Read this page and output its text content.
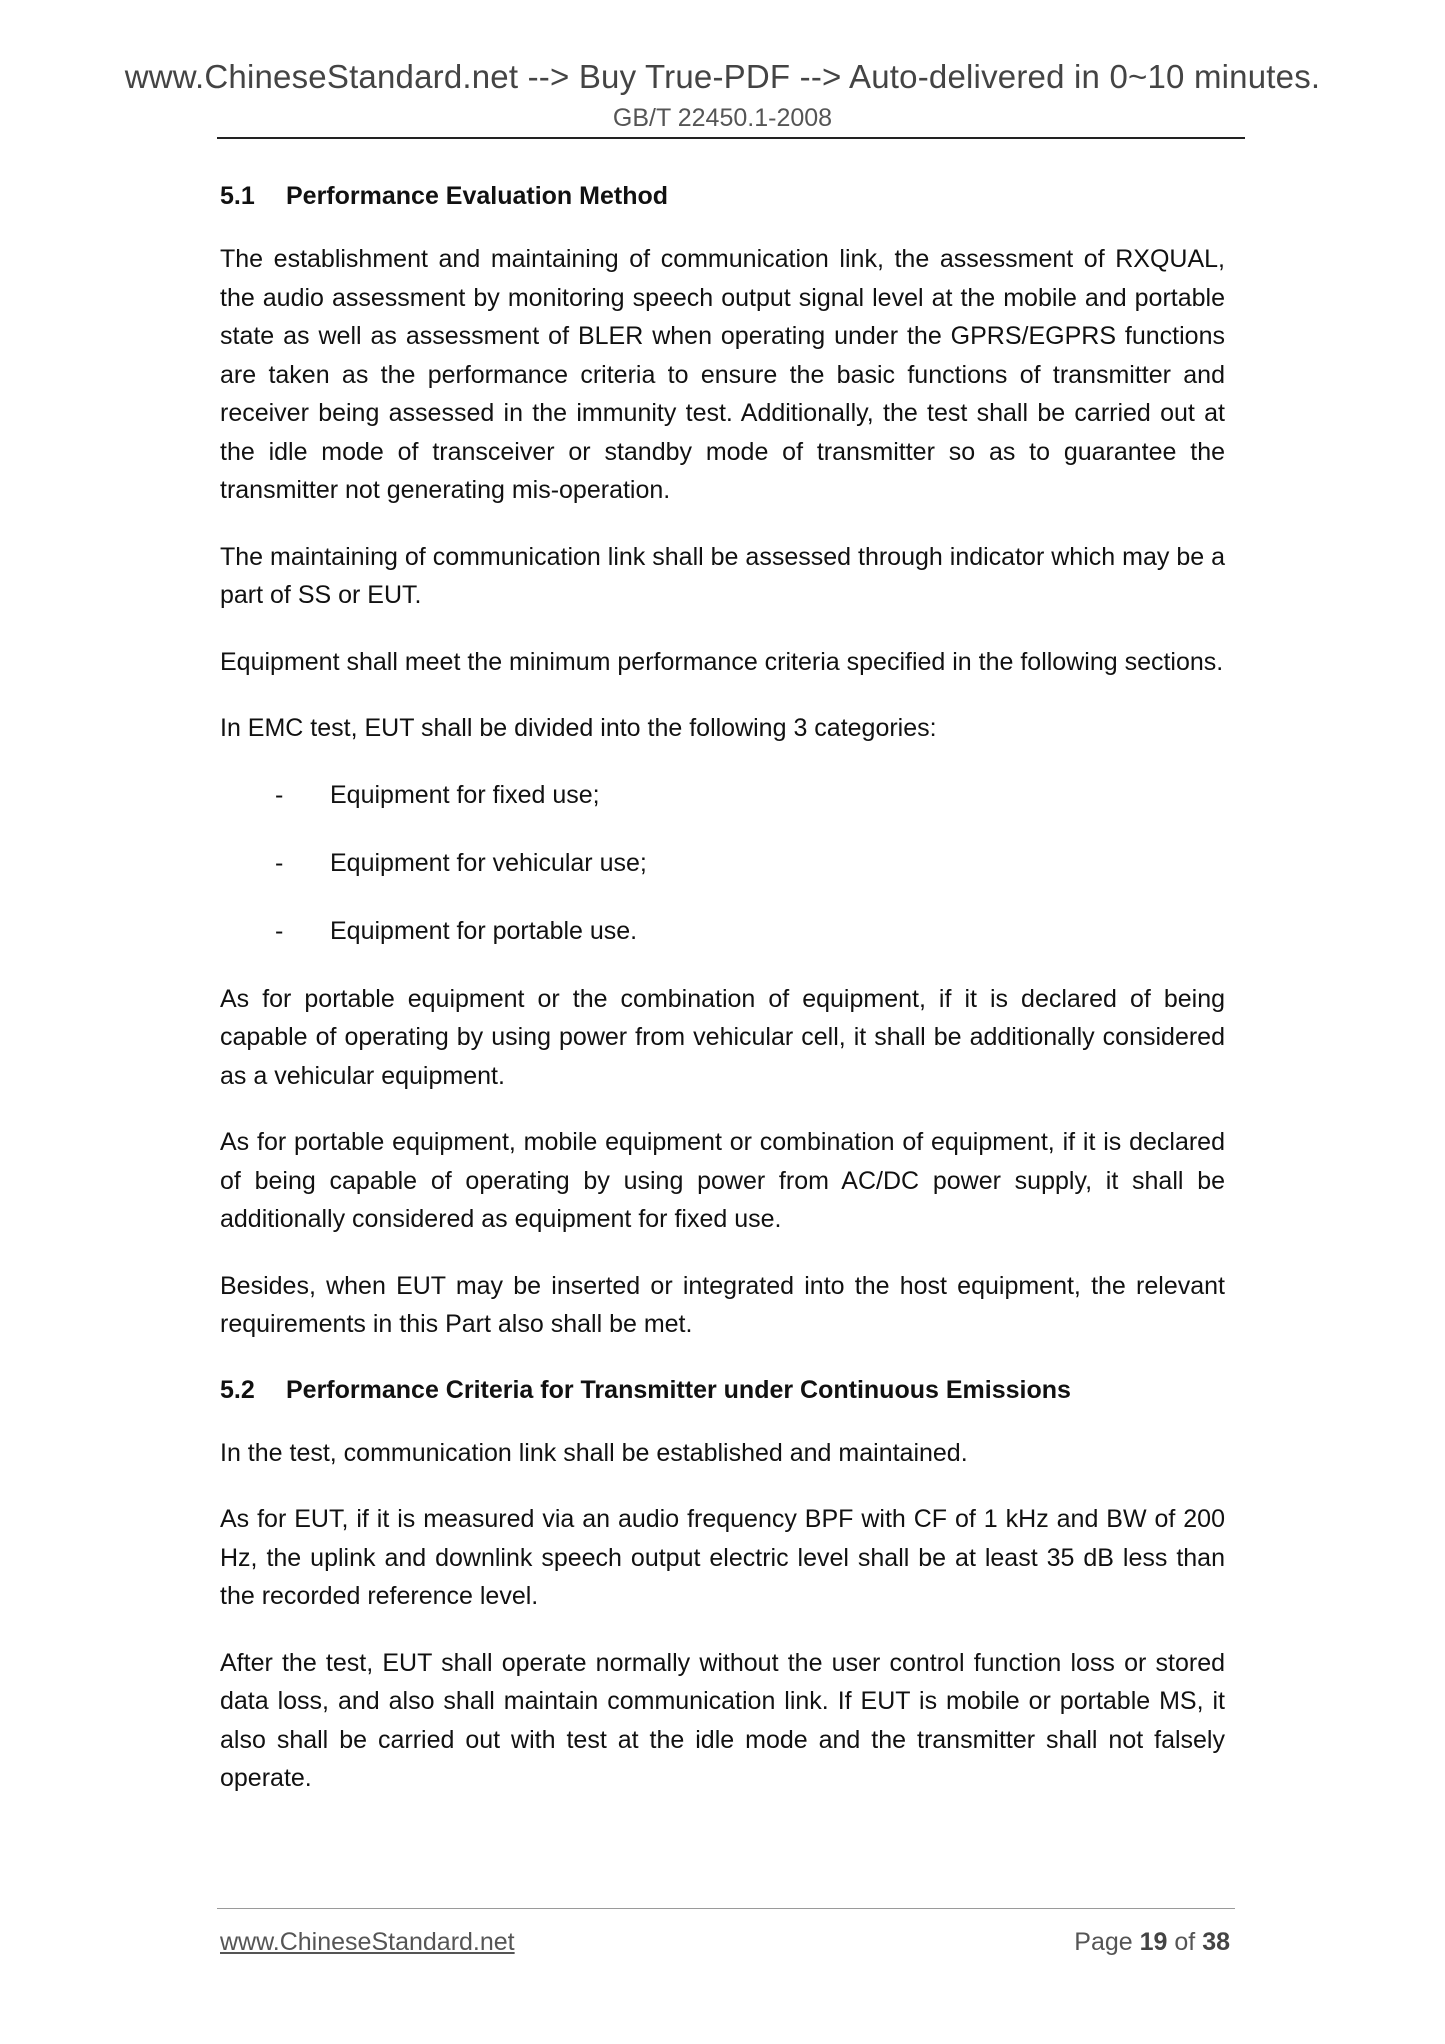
www.ChineseStandard.net --> Buy True-PDF --> Auto-delivered in 0~10 minutes.
GB/T 22450.1-2008
5.1	Performance Evaluation Method

The establishment and maintaining of communication link, the assessment of RXQUAL, the audio assessment by monitoring speech output signal level at the mobile and portable state as well as assessment of BLER when operating under the GPRS/EGPRS functions are taken as the performance criteria to ensure the basic functions of transmitter and receiver being assessed in the immunity test. Additionally, the test shall be carried out at the idle mode of transceiver or standby mode of transmitter so as to guarantee the transmitter not generating mis-operation.

The maintaining of communication link shall be assessed through indicator which may be a part of SS or EUT.

Equipment shall meet the minimum performance criteria specified in the following sections.

In EMC test, EUT shall be divided into the following 3 categories:

-	Equipment for fixed use;
-	Equipment for vehicular use;
-	Equipment for portable use.

As for portable equipment or the combination of equipment, if it is declared of being capable of operating by using power from vehicular cell, it shall be additionally considered as a vehicular equipment.

As for portable equipment, mobile equipment or combination of equipment, if it is declared of being capable of operating by using power from AC/DC power supply, it shall be additionally considered as equipment for fixed use.

Besides, when EUT may be inserted or integrated into the host equipment, the relevant requirements in this Part also shall be met.

5.2	Performance Criteria for Transmitter under Continuous Emissions

In the test, communication link shall be established and maintained.

As for EUT, if it is measured via an audio frequency BPF with CF of 1 kHz and BW of 200 Hz, the uplink and downlink speech output electric level shall be at least 35 dB less than the recorded reference level.

After the test, EUT shall operate normally without the user control function loss or stored data loss, and also shall maintain communication link. If EUT is mobile or portable MS, it also shall be carried out with test at the idle mode and the transmitter shall not falsely operate.

www.ChineseStandard.net	Page 19 of 38
